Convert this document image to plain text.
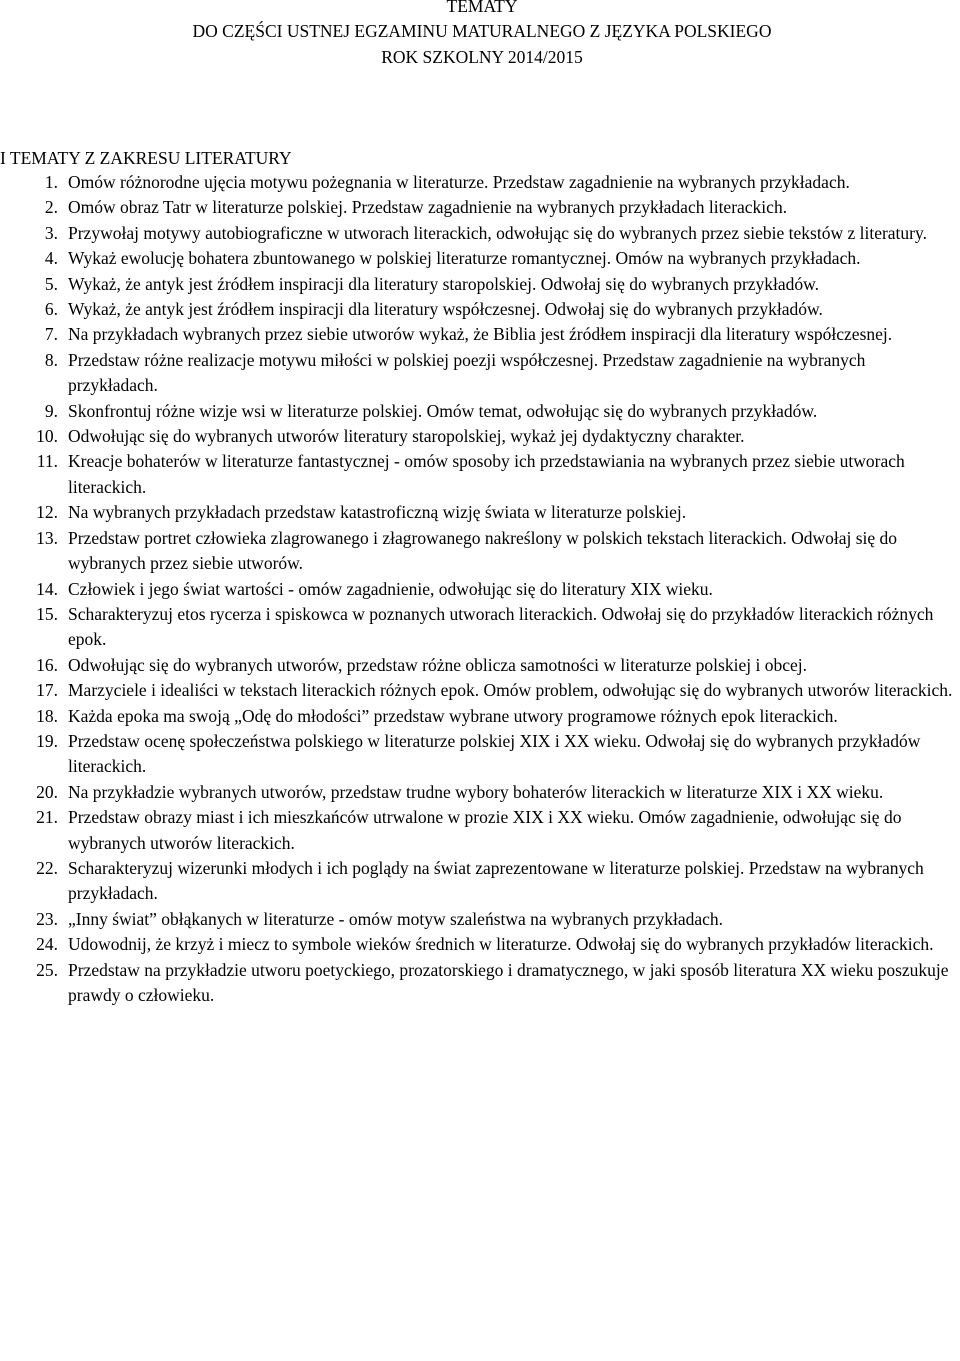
TEMATY
DO CZĘŚCI USTNEJ EGZAMINU MATURALNEGO Z JĘZYKA POLSKIEGO
ROK SZKOLNY 2014/2015
I TEMATY Z ZAKRESU LITERATURY
1. Omów różnorodne ujęcia motywu pożegnania w literaturze. Przedstaw zagadnienie na wybranych przykładach.
2. Omów obraz Tatr w literaturze polskiej. Przedstaw zagadnienie na wybranych przykładach literackich.
3. Przywołaj motywy autobiograficzne w utworach literackich, odwołując się do wybranych przez siebie tekstów z literatury.
4. Wykaż ewolucję bohatera zbuntowanego w polskiej literaturze romantycznej. Omów na wybranych przykładach.
5. Wykaż, że antyk jest źródłem inspiracji dla literatury staropolskiej. Odwołaj się do wybranych przykładów.
6. Wykaż, że antyk jest źródłem inspiracji dla literatury współczesnej. Odwołaj się do wybranych przykładów.
7. Na przykładach wybranych przez siebie utworów wykaż, że Biblia jest źródłem inspiracji dla literatury współczesnej.
8. Przedstaw różne realizacje motywu miłości w polskiej poezji współczesnej. Przedstaw zagadnienie na wybranych przykładach.
9. Skonfrontuj różne wizje wsi w literaturze polskiej. Omów temat, odwołując się do wybranych przykładów.
10. Odwołując się do wybranych utworów literatury staropolskiej, wykaż jej dydaktyczny charakter.
11. Kreacje bohaterów w literaturze fantastycznej - omów sposoby ich przedstawiania na wybranych przez siebie utworach literackich.
12. Na wybranych przykładach przedstaw katastroficzną wizję świata w literaturze polskiej.
13. Przedstaw portret człowieka zlagrowanego i złagrowanego nakreślony w polskich tekstach literackich. Odwołaj się do wybranych przez siebie utworów.
14. Człowiek i jego świat wartości - omów zagadnienie, odwołując się do literatury XIX wieku.
15. Scharakteryzuj etos rycerza i spiskowca w poznanych utworach literackich. Odwołaj się do przykładów literackich różnych epok.
16. Odwołując się do wybranych utworów, przedstaw różne oblicza samotności w literaturze polskiej i obcej.
17. Marzyciele i idealiści w tekstach literackich różnych epok. Omów problem, odwołując się do wybranych utworów literackich.
18. Każda epoka ma swoją „Odę do młodości” przedstaw wybrane utwory programowe różnych epok literackich.
19. Przedstaw ocenę społeczeństwa polskiego w literaturze polskiej XIX i XX wieku. Odwołaj się do wybranych przykładów literackich.
20. Na przykładzie wybranych utworów, przedstaw trudne wybory bohaterów literackich w literaturze XIX i XX wieku.
21. Przedstaw obrazy miast i ich mieszkańców utrwalone w prozie XIX i XX wieku. Omów zagadnienie, odwołując się do wybranych utworów literackich.
22. Scharakteryzuj wizerunki młodych i ich poglądy na świat zaprezentowane w literaturze polskiej. Przedstaw na wybranych przykładach.
23. „Inny świat” obłąkanych w literaturze - omów motyw szaleństwa na wybranych przykładach.
24. Udowodnij, że krzyż i miecz to symbole wieków średnich w literaturze. Odwołaj się do wybranych przykładów literackich.
25. Przedstaw na przykładzie utworu poetyckiego, prozatorskiego i dramatycznego, w jaki sposób literatura XX wieku poszukuje prawdy o człowieku.
